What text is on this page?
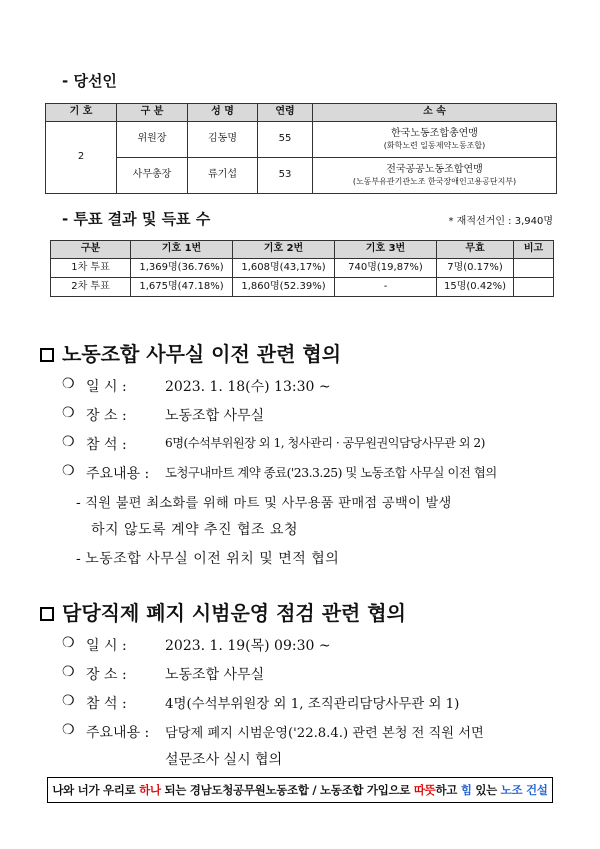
- 당선인
기 호	구 분	성 명	연령	소 속
2	위원장	김동명	55	한국노동조합총연맹
(화학노련 일동제약노동조합)

	사무총장	류기섭	53	전국공공노동조합연맹
(노동부유관기관노조 한국장애인고용공단지부)
- 투표 결과 및 득표 수	* 재적선거인 : 3,940명
구분	기호 1번	기호 2번	기호 3번	무효	비고
1차 투표	1,369명(36.76%)	1,608명(43,17%)	740명(19,87%)	7명(0.17%)	
2차 투표	1,675명(47.18%)	1,860명(52.39%)	-	15명(0.42%)	
노동조합 사무실 이전 관련 협의
❍ 일 시 :	2023. 1. 18(수) 13:30 ~
❍ 장 소 :	노동조합 사무실
❍ 참 석 :	6명(수석부위원장 외 1, 청사관리 · 공무원권익담당사무관 외 2)
❍ 주요내용 : 도청구내마트 계약 종료('23.3.25) 및 노동조합 사무실 이전 협의
- 직원 불편 최소화를 위해 마트 및 사무용품 판매점 공백이 발생
하지 않도록 계약 추진 협조 요청
- 노동조합 사무실 이전 위치 및 면적 협의
담당직제 폐지 시범운영 점검 관련 협의
❍ 일 시 :	2023. 1. 19(목) 09:30 ~
❍ 장 소 :	노동조합 사무실
❍ 참 석 :	4명(수석부위원장 외 1, 조직관리담당사무관 외 1)
❍ 주요내용 : 담당제 폐지 시범운영('22.8.4.) 관련 본청 전 직원 서면
설문조사 실시 협의
나와 너가 우리로 하나 되는 경남도청공무원노동조합 / 노동조합 가입으로 따뜻하고 힘 있는 노조 건설
